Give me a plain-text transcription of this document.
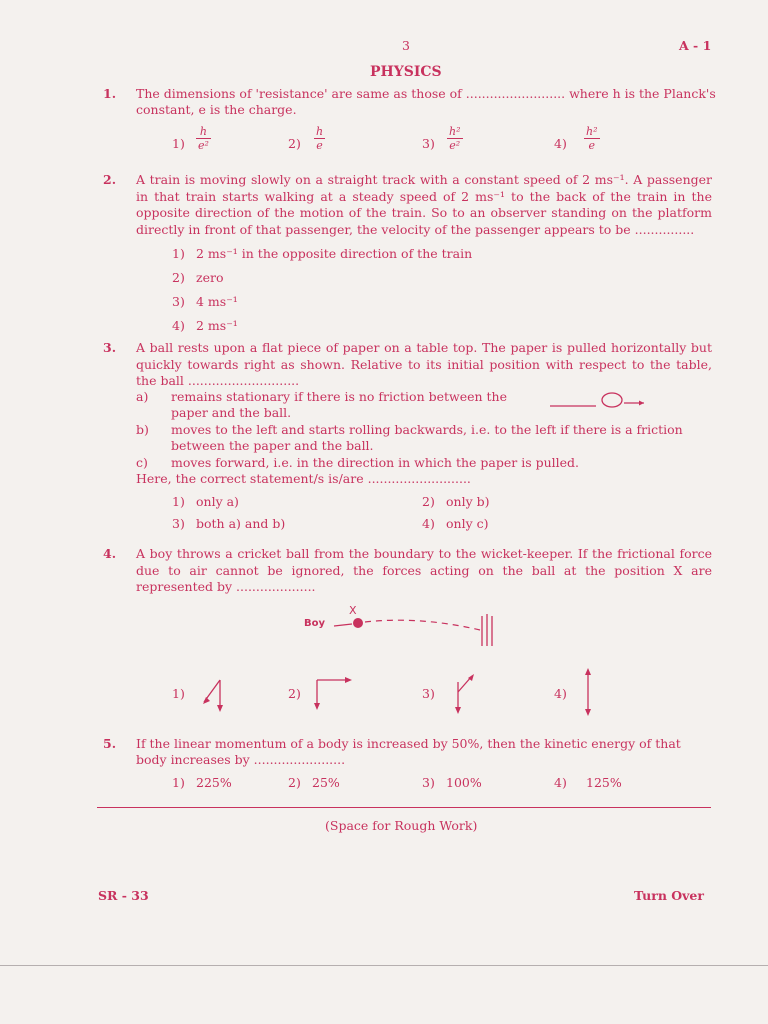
3	A - 1
PHYSICS
1. The dimensions of 'resistance' are same as those of ......................... where h is the Planck's
constant, e is the charge.
$1) \frac{h}{\text{e²}}$	$2) \frac{h}{e}$	$3) \frac{\text{h²}}{\text{e²}}$	$4) \frac{\text{h²}}{e}$
2. A train is moving slowly on a straight track with a constant speed of 2 ms⁻¹. A passenger in that train starts walking at a steady speed of 2 ms⁻¹ to the back of the train in the opposite direction of the motion of the train. So to an observer standing on the platform directly in front of that passenger, the velocity of the passenger appears to be ...............
1) 2 ms⁻¹ in the opposite direction of the train
2) zero
3) 4 ms⁻¹
4) 2 ms⁻¹
3. A ball rests upon a flat piece of paper on a table top. The paper is pulled horizontally but quickly towards right as shown. Relative to its initial position with respect to the table, the ball ............................
a) remains stationary if there is no friction between the
paper and the ball.
b) moves to the left and starts rolling backwards, i.e. to the left if there is a friction
between the paper and the ball.
c) moves forward, i.e. in the direction in which the paper is pulled.
Here, the correct statement/s is/are ..........................
1) only a)	2) only b)
3) both a) and b)	4) only c)
4. A boy throws a cricket ball from the boundary to the wicket-keeper. If the frictional force due to air cannot be ignored, the forces acting on the ball at the position X are represented by ....................
Boy
X
1)	2)	3)	4)
5. If the linear momentum of a body is increased by 50%, then the kinetic energy of that
body increases by .......................
1) 225%	2) 25%	3) 100%	4) 125%
(Space for Rough Work)
SR - 33	Turn Over
